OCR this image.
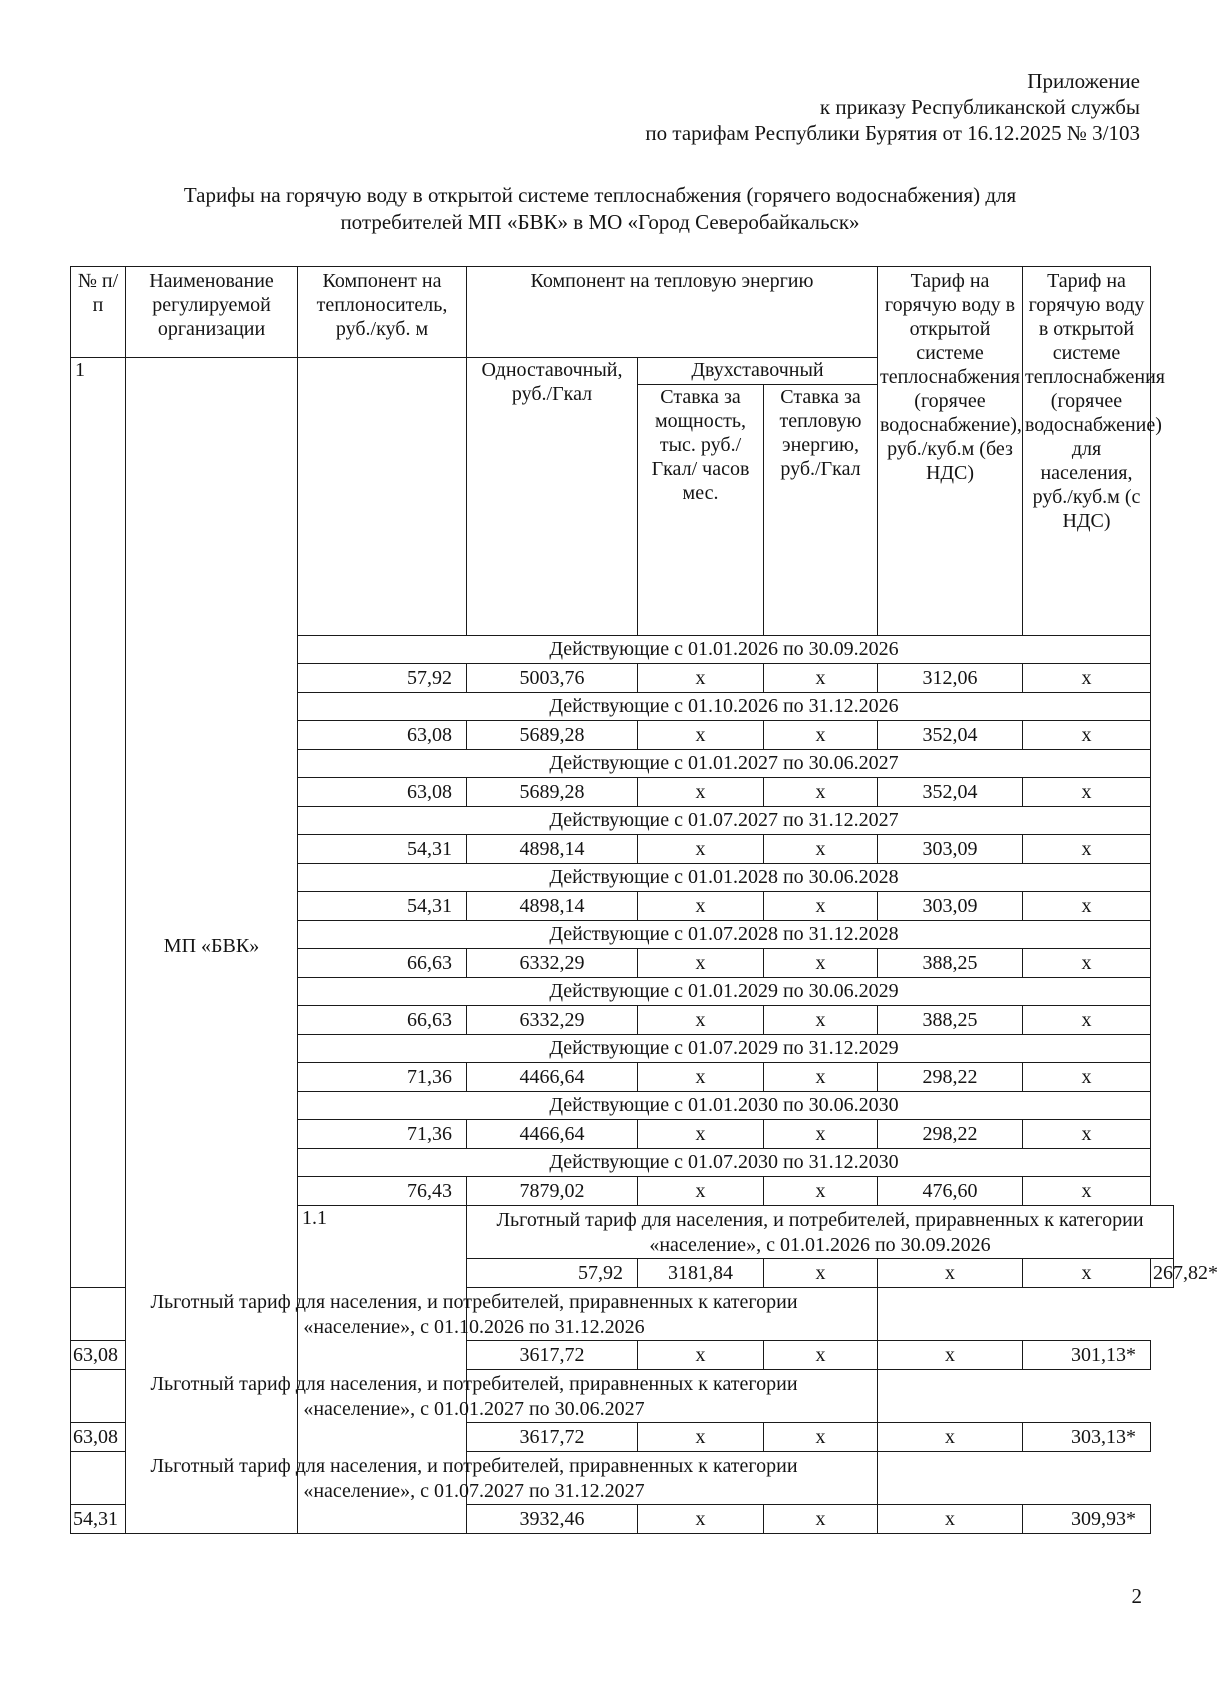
Приложение
к приказу Республиканской службы
по тарифам Республики Бурятия от 16.12.2025 № 3/103
Тарифы на горячую воду в открытой системе теплоснабжения (горячего водоснабжения) для
потребителей МП «БВК» в МО «Город Северобайкальск»
№ п/п	Наименование регулируемой организации	Компонент на теплоноситель, руб./куб. м	Компонент на тепловую энергию			Тариф на горячую воду в открытой системе теплоснабжения (горячее водоснабжение), руб./куб.м (без НДС)	Тариф на горячую воду в открытой системе теплоснабжения (горячее водоснабжение) для населения, руб./куб.м (с НДС)	
1	МП «БВК»		Одноставочный, руб./Гкал	Двухставочный				
				Ставка за мощность, тыс. руб./Гкал/ часов мес.	Ставка за тепловую энергию, руб./Гкал			
		Действующие с 01.01.2026 по 30.09.2026						
		57,92	5003,76	х	х	312,06	х	
		Действующие с 01.10.2026 по 31.12.2026						
		63,08	5689,28	х	х	352,04	х	
		Действующие с 01.01.2027 по 30.06.2027						
		63,08	5689,28	х	х	352,04	х	
		Действующие с 01.07.2027 по 31.12.2027						
		54,31	4898,14	х	х	303,09	х	
		Действующие с 01.01.2028 по 30.06.2028						
		54,31	4898,14	х	х	303,09	х	
		Действующие с 01.07.2028 по 31.12.2028						
		66,63	6332,29	х	х	388,25	х	
		Действующие с 01.01.2029 по 30.06.2029						
		66,63	6332,29	х	х	388,25	х	
		Действующие с 01.07.2029 по 31.12.2029						
		71,36	4466,64	х	х	298,22	х	
		Действующие с 01.01.2030 по 30.06.2030						
		71,36	4466,64	х	х	298,22	х	
		Действующие с 01.07.2030 по 31.12.2030						
		76,43	7879,02	х	х	476,60	х	
		1.1	Льготный тариф для населения, и потребителей, приравненных к категории
«население», с 01.01.2026 по 30.09.2026					

			57,92	3181,84	х	х	х	267,82*

Льготный тариф для населения, и потребителей, приравненных к категории
«население», с 01.10.2026 по 31.12.2026								

63,08			3617,72	х	х	х	301,13*	

Льготный тариф для населения, и потребителей, приравненных к категории
«население», с 01.01.2027 по 30.06.2027								

63,08			3617,72	х	х	х	303,13*	

Льготный тариф для населения, и потребителей, приравненных к категории
«население», с 01.07.2027 по 31.12.2027								

54,31			3932,46	х	х	х	309,93*	
2
